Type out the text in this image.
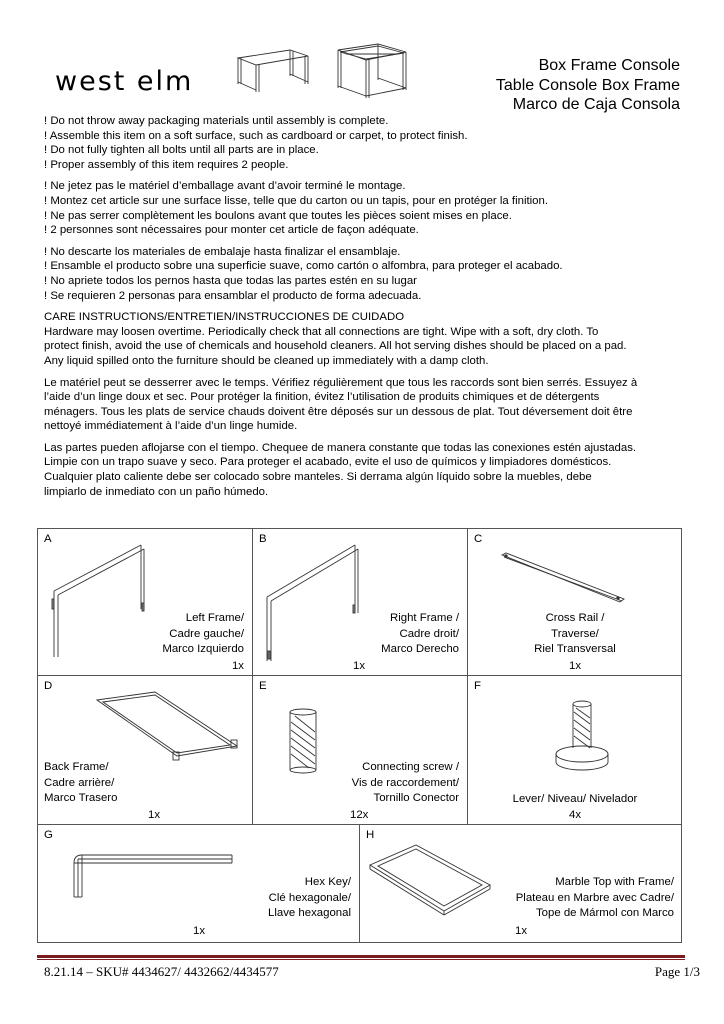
west elm
Box Frame Console
Table Console Box Frame
Marco de Caja Consola
! Do not throw away packaging materials until assembly is complete.
! Assemble this item on a soft surface, such as cardboard or carpet, to protect finish.
! Do not fully tighten all bolts until all parts are in place.
! Proper assembly of this item requires 2 people.
! Ne jetez pas le matériel d’emballage avant d’avoir terminé le montage.
! Montez cet article sur une surface lisse, telle que du carton ou un tapis, pour en protéger la finition.
! Ne pas serrer complètement les boulons avant que toutes les pièces soient mises en place.
! 2 personnes sont nécessaires pour monter cet article de façon adéquate.
! No descarte los materiales de embalaje hasta finalizar el ensamblaje.
! Ensamble el producto sobre una superficie suave, como cartón o alfombra, para proteger el acabado.
! No apriete todos los pernos hasta que todas las partes estén en su lugar
! Se requieren 2 personas para ensamblar el producto de forma adecuada.
CARE INSTRUCTIONS/ENTRETIEN/INSTRUCCIONES DE CUIDADO
Hardware may loosen overtime. Periodically check that all connections are tight. Wipe with a soft, dry cloth. To
protect finish, avoid the use of chemicals and household cleaners. All hot serving dishes should be placed on a pad.
Any liquid spilled onto the furniture should be cleaned up immediately with a damp cloth.
Le matériel peut se desserrer avec le temps. Vérifiez régulièrement que tous les raccords sont bien serrés. Essuyez à
l’aide d’un linge doux et sec. Pour protéger la finition, évitez l’utilisation de produits chimiques et de détergents
ménagers. Tous les plats de service chauds doivent être déposés sur un dessous de plat. Tout déversement doit être
nettoyé immédiatement à l’aide d’un linge humide.
Las partes pueden aflojarse con el tiempo. Chequee de manera constante que todas las conexiones estén ajustadas.
Limpie con un trapo suave y seco. Para proteger el acabado, evite el uso de químicos y limpiadores domésticos.
Cualquier plato caliente debe ser colocado sobre manteles. Si derrama algún líquido sobre la muebles, debe
limpiarlo de inmediato con un paño húmedo.
A
Left Frame/
Cadre gauche/
Marco Izquierdo
1x
B
Right Frame /
Cadre droit/
Marco Derecho
1x
C
Cross Rail /
Traverse/
Riel Transversal
1x
D
Back Frame/
Cadre arrière/
Marco Trasero
1x
E
Connecting screw /
Vis de raccordement/
Tornillo Conector
12x
F
Lever/ Niveau/ Nivelador
4x
G
Hex Key/
Clé hexagonale/
Llave hexagonal
1x
H
Marble Top with Frame/
Plateau en Marbre avec Cadre/
Tope de Mármol con Marco
1x
8.21.14 – SKU# 4434627/ 4432662/4434577	Page 1/3
